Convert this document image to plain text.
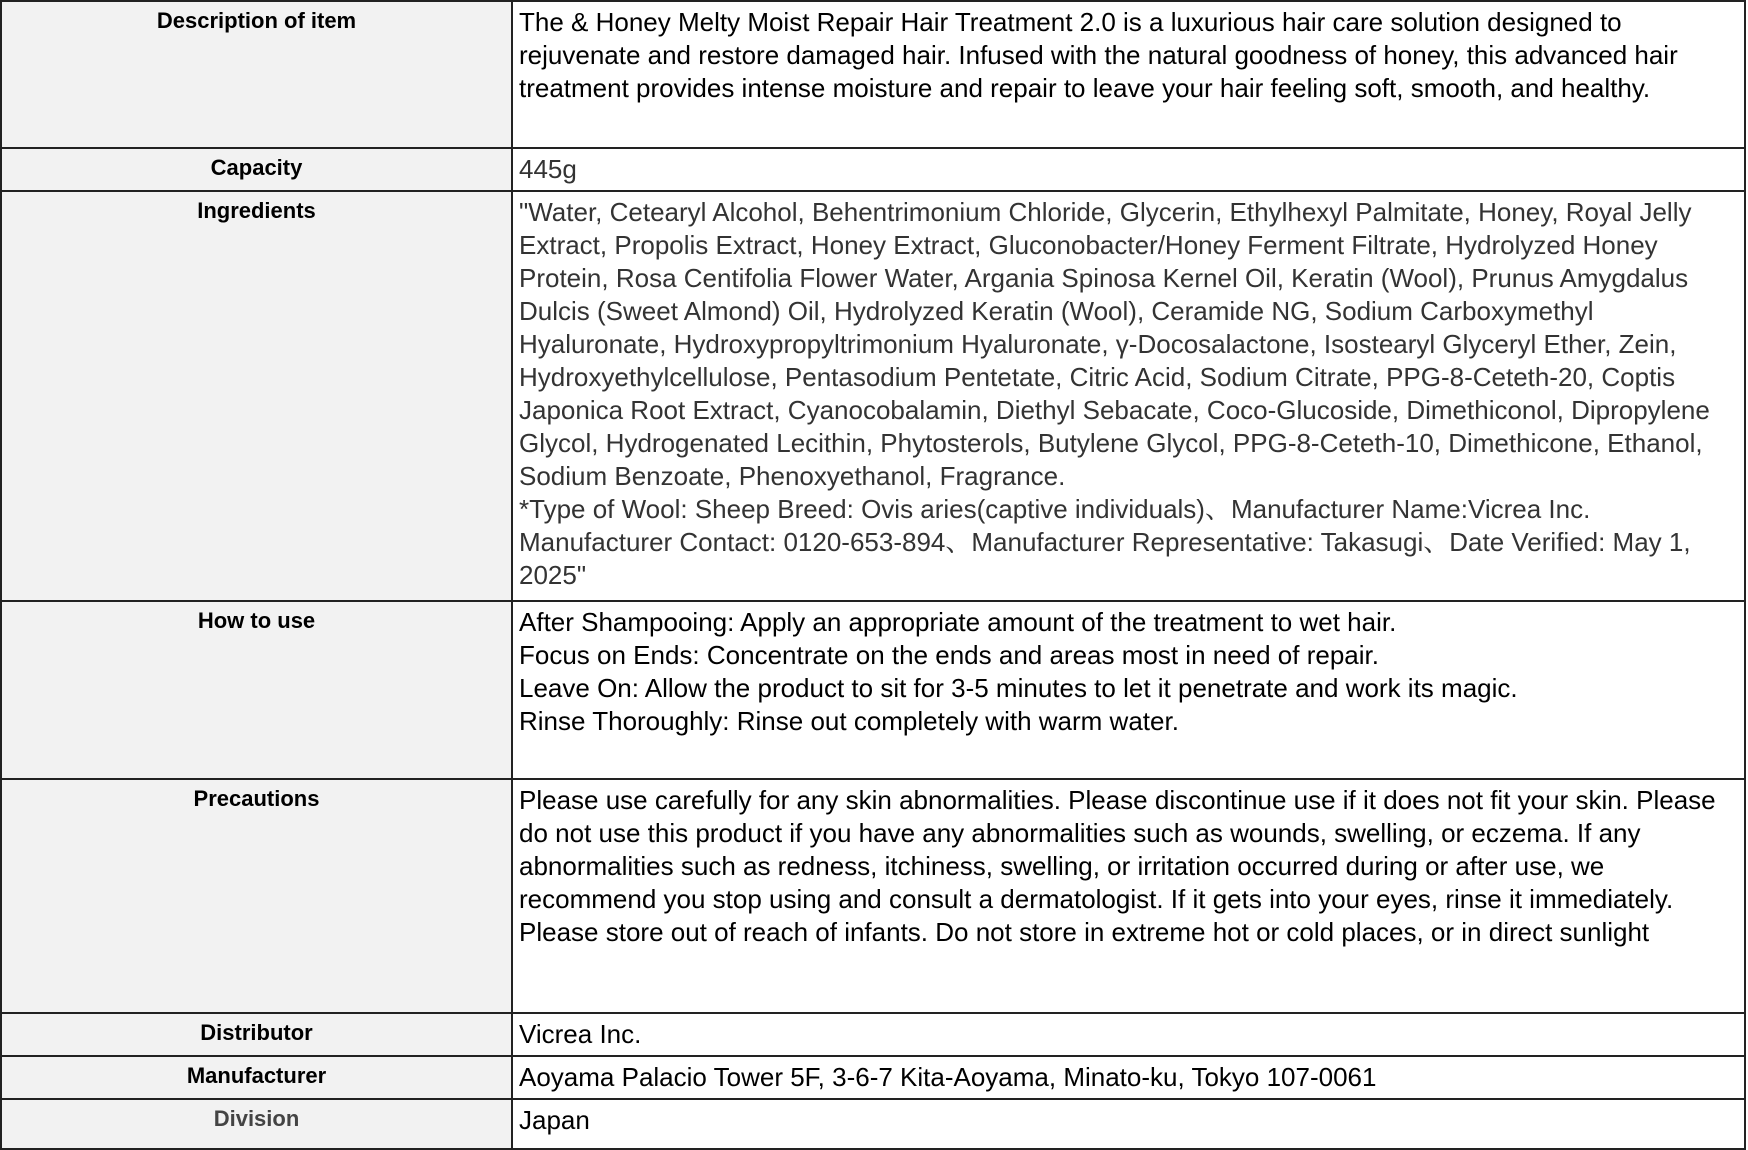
Description of item	The & Honey Melty Moist Repair Hair Treatment 2.0 is a luxurious hair care solution designed to rejuvenate and restore damaged hair. Infused with the natural goodness of honey, this advanced hair treatment provides intense moisture and repair to leave your hair feeling soft, smooth, and healthy.
Capacity	445g
Ingredients	"Water, Cetearyl Alcohol, Behentrimonium Chloride, Glycerin, Ethylhexyl Palmitate, Honey, Royal Jelly Extract, Propolis Extract, Honey Extract, Gluconobacter/Honey Ferment Filtrate, Hydrolyzed Honey Protein, Rosa Centifolia Flower Water, Argania Spinosa Kernel Oil, Keratin (Wool), Prunus Amygdalus Dulcis (Sweet Almond) Oil, Hydrolyzed Keratin (Wool), Ceramide NG, Sodium Carboxymethyl Hyaluronate, Hydroxypropyltrimonium Hyaluronate, γ-Docosalactone, Isostearyl Glyceryl Ether, Zein, Hydroxyethylcellulose, Pentasodium Pentetate, Citric Acid, Sodium Citrate, PPG-8-Ceteth-20, Coptis Japonica Root Extract, Cyanocobalamin, Diethyl Sebacate, Coco-Glucoside, Dimethiconol, Dipropylene Glycol, Hydrogenated Lecithin, Phytosterols, Butylene Glycol, PPG-8-Ceteth-10, Dimethicone, Ethanol, Sodium Benzoate, Phenoxyethanol, Fragrance.
*Type of Wool: Sheep Breed: Ovis aries(captive individuals)、Manufacturer Name:Vicrea Inc. Manufacturer Contact: 0120-653-894、Manufacturer Representative: Takasugi、Date Verified: May 1, 2025"
How to use	After Shampooing: Apply an appropriate amount of the treatment to wet hair.
Focus on Ends: Concentrate on the ends and areas most in need of repair.
Leave On: Allow the product to sit for 3-5 minutes to let it penetrate and work its magic.
Rinse Thoroughly: Rinse out completely with warm water.
Precautions	Please use carefully for any skin abnormalities. Please discontinue use if it does not fit your skin. Please do not use this product if you have any abnormalities such as wounds, swelling, or eczema. If any abnormalities such as redness, itchiness, swelling, or irritation occurred during or after use, we recommend you stop using and consult a dermatologist. If it gets into your eyes, rinse it immediately. Please store out of reach of infants. Do not store in extreme hot or cold places, or in direct sunlight
Distributor	Vicrea Inc.
Manufacturer	Aoyama Palacio Tower 5F, 3-6-7 Kita-Aoyama, Minato-ku, Tokyo 107-0061
Division	Japan
